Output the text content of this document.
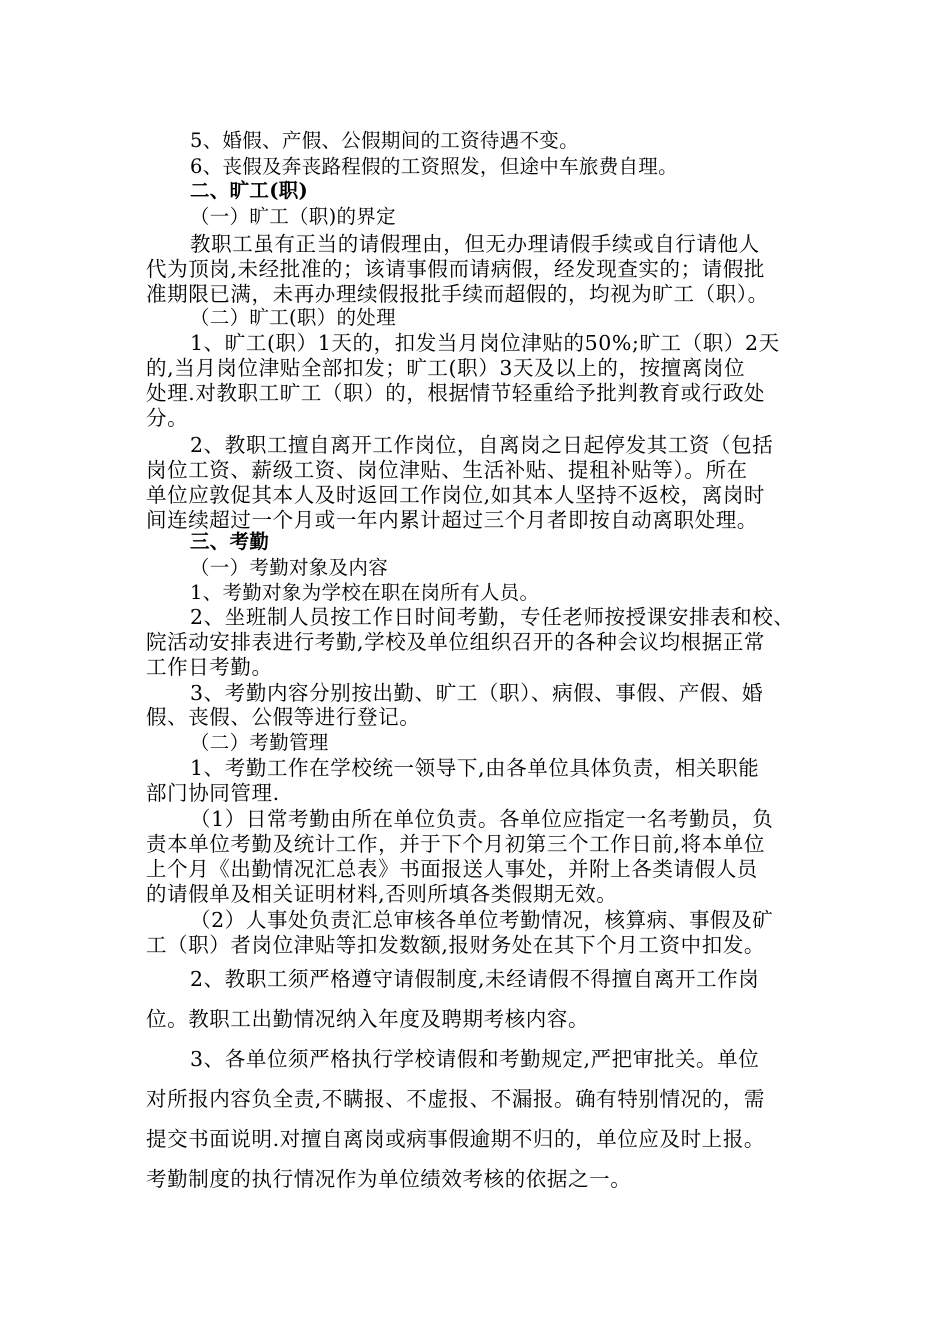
5、婚假、产假、公假期间的工资待遇不变。

6、丧假及奔丧路程假的工资照发，但途中车旅费自理。

二、旷工(职)

（一）旷工（职)的界定

教职工虽有正当的请假理由，但无办理请假手续或自行请他人

代为顶岗,未经批准的；该请事假而请病假，经发现查实的；请假批

准期限已满，未再办理续假报批手续而超假的，均视为旷工（职）。

（二）旷工(职）的处理

1、旷工(职）1天的，扣发当月岗位津贴的50%;旷工（职）2天

的,当月岗位津贴全部扣发；旷工(职）3天及以上的，按擅离岗位

处理.对教职工旷工（职）的，根据情节轻重给予批判教育或行政处

分。

2、教职工擅自离开工作岗位，自离岗之日起停发其工资（包括

岗位工资、薪级工资、岗位津贴、生活补贴、提租补贴等）。所在

单位应敦促其本人及时返回工作岗位,如其本人坚持不返校，离岗时

间连续超过一个月或一年内累计超过三个月者即按自动离职处理。

三、考勤

（一）考勤对象及内容

1、考勤对象为学校在职在岗所有人员。

2、坐班制人员按工作日时间考勤，专任老师按授课安排表和校、

院活动安排表进行考勤,学校及单位组织召开的各种会议均根据正常

工作日考勤。

3、考勤内容分别按出勤、旷工（职）、病假、事假、产假、婚

假、丧假、公假等进行登记。

（二）考勤管理

1、考勤工作在学校统一领导下,由各单位具体负责，相关职能

部门协同管理.

（1）日常考勤由所在单位负责。各单位应指定一名考勤员，负

责本单位考勤及统计工作，并于下个月初第三个工作日前,将本单位

上个月《出勤情况汇总表》书面报送人事处，并附上各类请假人员

的请假单及相关证明材料,否则所填各类假期无效。

（2）人事处负责汇总审核各单位考勤情况，核算病、事假及矿

工（职）者岗位津贴等扣发数额,报财务处在其下个月工资中扣发。

2、教职工须严格遵守请假制度,未经请假不得擅自离开工作岗

位。教职工出勤情况纳入年度及聘期考核内容。

3、各单位须严格执行学校请假和考勤规定,严把审批关。单位

对所报内容负全责,不瞒报、不虚报、不漏报。确有特别情况的，需

提交书面说明.对擅自离岗或病事假逾期不归的，单位应及时上报。

考勤制度的执行情况作为单位绩效考核的依据之一。
